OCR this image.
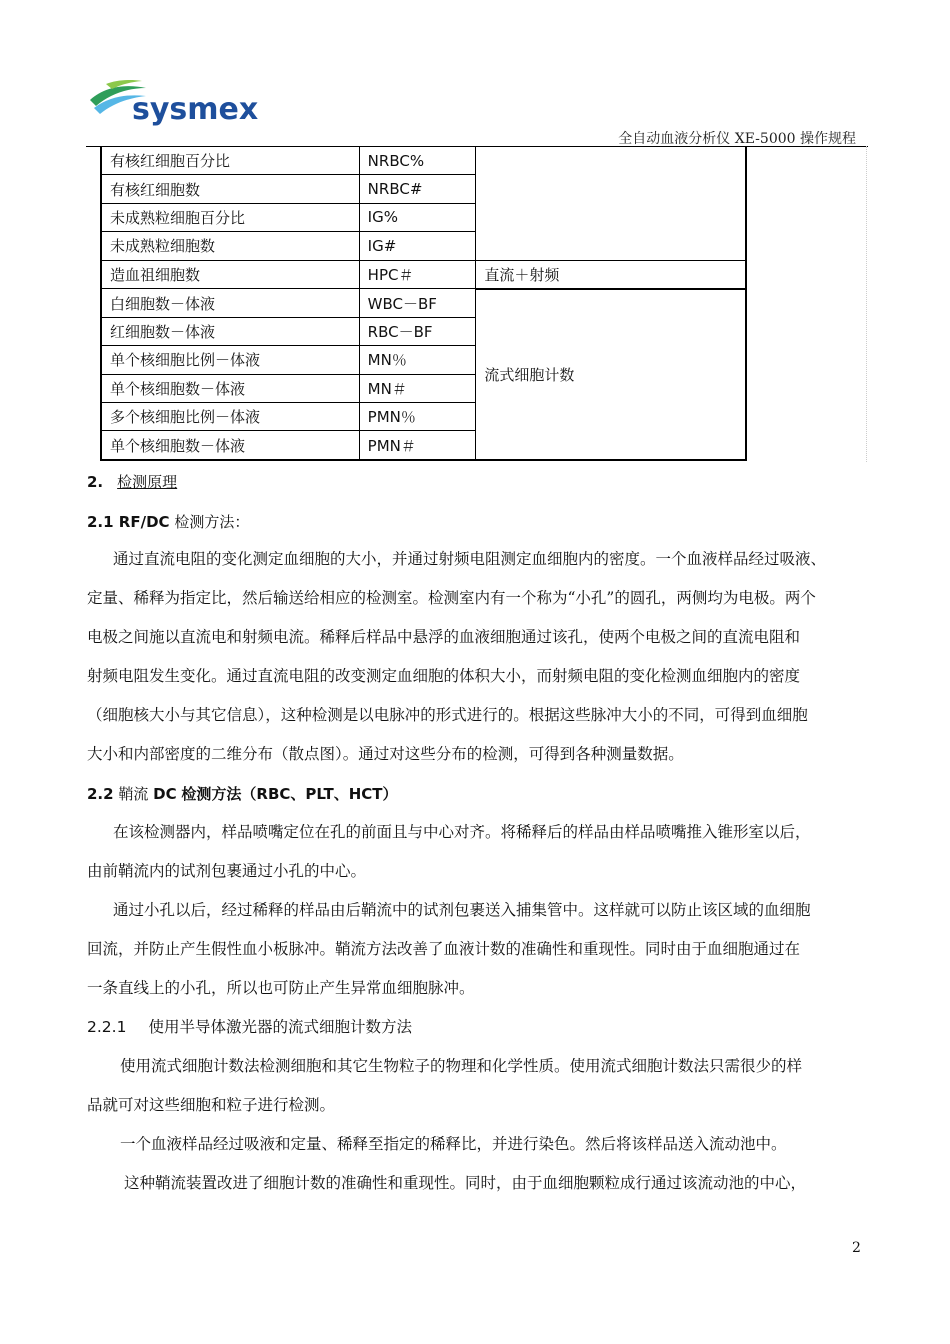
sysmex
全自动血液分析仪 XE-5000 操作规程
有核红细胞百分比	NRBC%	
有核红细胞数	NRBC#	
未成熟粒细胞百分比	IG%	
未成熟粒细胞数	IG#	
造血祖细胞数	HPC＃	直流＋射频
白细胞数－体液	WBC－BF	流式细胞计数
红细胞数－体液	RBC－BF	
单个核细胞比例－体液	MN％	
单个核细胞数－体液	MN＃	
多个核细胞比例－体液	PMN％	
单个核细胞数－体液	PMN＃	
2. 检测原理
2.1 RF/DC 检测方法：
通过直流电阻的变化测定血细胞的大小，并通过射频电阻测定血细胞内的密度。一个血液样品经过吸液、
定量、稀释为指定比，然后输送给相应的检测室。检测室内有一个称为“小孔”的圆孔，两侧均为电极。两个
电极之间施以直流电和射频电流。稀释后样品中悬浮的血液细胞通过该孔，使两个电极之间的直流电阻和
射频电阻发生变化。通过直流电阻的改变测定血细胞的体积大小，而射频电阻的变化检测血细胞内的密度
（细胞核大小与其它信息），这种检测是以电脉冲的形式进行的。根据这些脉冲大小的不同，可得到血细胞
大小和内部密度的二维分布（散点图）。通过对这些分布的检测，可得到各种测量数据。
2.2 鞘流 DC 检测方法（RBC、PLT、HCT）
在该检测器内，样品喷嘴定位在孔的前面且与中心对齐。将稀释后的样品由样品喷嘴推入锥形室以后，
由前鞘流内的试剂包裹通过小孔的中心。
通过小孔以后，经过稀释的样品由后鞘流中的试剂包裹送入捕集管中。这样就可以防止该区域的血细胞
回流，并防止产生假性血小板脉冲。鞘流方法改善了血液计数的准确性和重现性。同时由于血细胞通过在
一条直线上的小孔，所以也可防止产生异常血细胞脉冲。
2.2.1 使用半导体激光器的流式细胞计数方法
使用流式细胞计数法检测细胞和其它生物粒子的物理和化学性质。使用流式细胞计数法只需很少的样
品就可对这些细胞和粒子进行检测。
一个血液样品经过吸液和定量、稀释至指定的稀释比，并进行染色。然后将该样品送入流动池中。
这种鞘流装置改进了细胞计数的准确性和重现性。同时，由于血细胞颗粒成行通过该流动池的中心，
2
